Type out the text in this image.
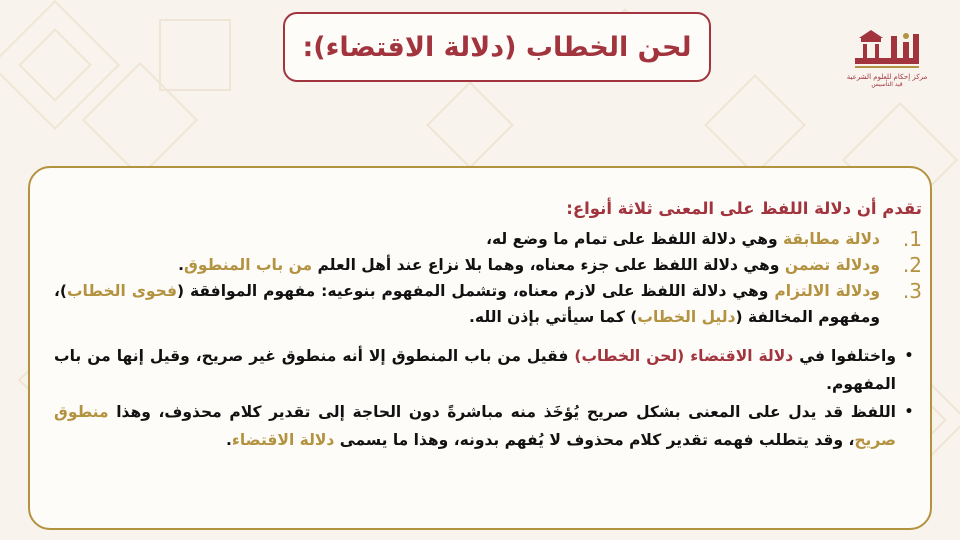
لحن الخطاب (دلالة الاقتضاء):
مركز إحكام للعلوم الشرعية
قيد التأسيس

تقدم أن دلالة اللفظ على المعنى ثلاثة أنواع:

1.
دلالة مطابقة وهي دلالة اللفظ على تمام ما وضع له،
2.
ودلالة تضمن وهي دلالة اللفظ على جزء معناه، وهما بلا نزاع عند أهل العلم من باب المنطوق.
3.
ودلالة الالتزام وهي دلالة اللفظ على لازم معناه، وتشمل المفهوم بنوعيه: مفهوم الموافقة (فحوى الخطاب)، ومفهوم المخالفة (دليل الخطاب) كما سيأتي بإذن الله.
•
واختلفوا في دلالة الاقتضاء (لحن الخطاب) فقيل من باب المنطوق إلا أنه منطوق غير صريح، وقيل إنها من باب المفهوم.
•
اللفظ قد يدل على المعنى بشكل صريح يُؤخَذ منه مباشرةً دون الحاجة إلى تقدير كلام محذوف، وهذا منطوق صريح، وقد يتطلب فهمه تقدير كلام محذوف لا يُفهم بدونه، وهذا ما يسمى دلالة الاقتضاء.
